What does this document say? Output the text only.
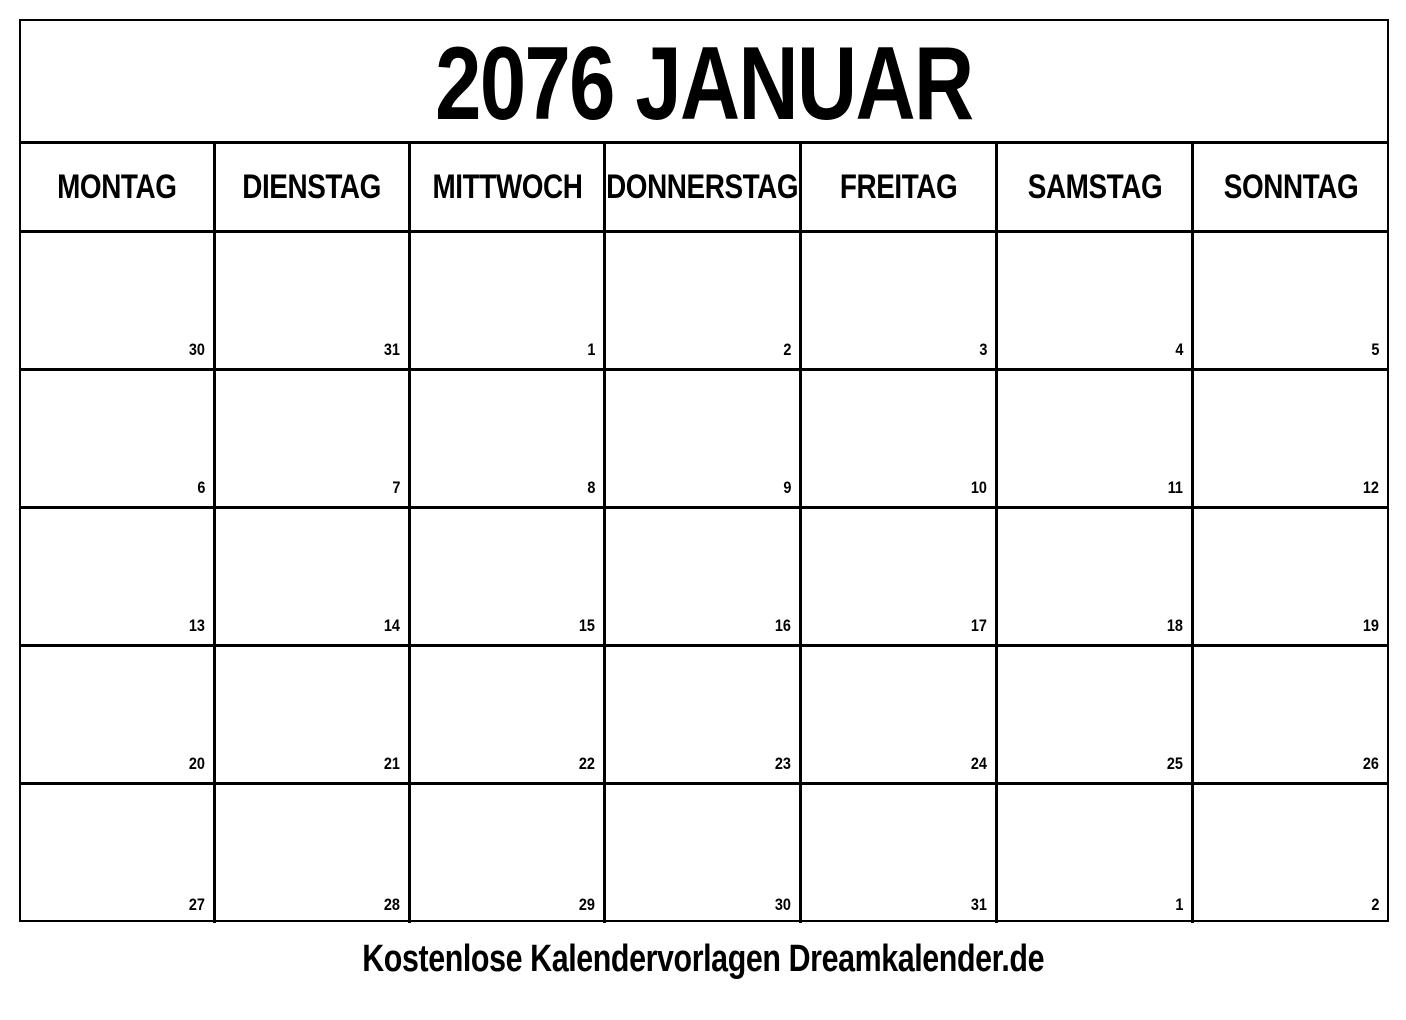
2076 JANUAR
MONTAG DIENSTAG MITTWOCH DONNERSTAG FREITAG SAMSTAG SONNTAG
30	31	1	2	3	4	5
6	7	8	9	10	11	12
13	14	15	16	17	18	19
20	21	22	23	24	25	26
27	28	29	30	31	1	2
Kostenlose Kalendervorlagen Dreamkalender.de
